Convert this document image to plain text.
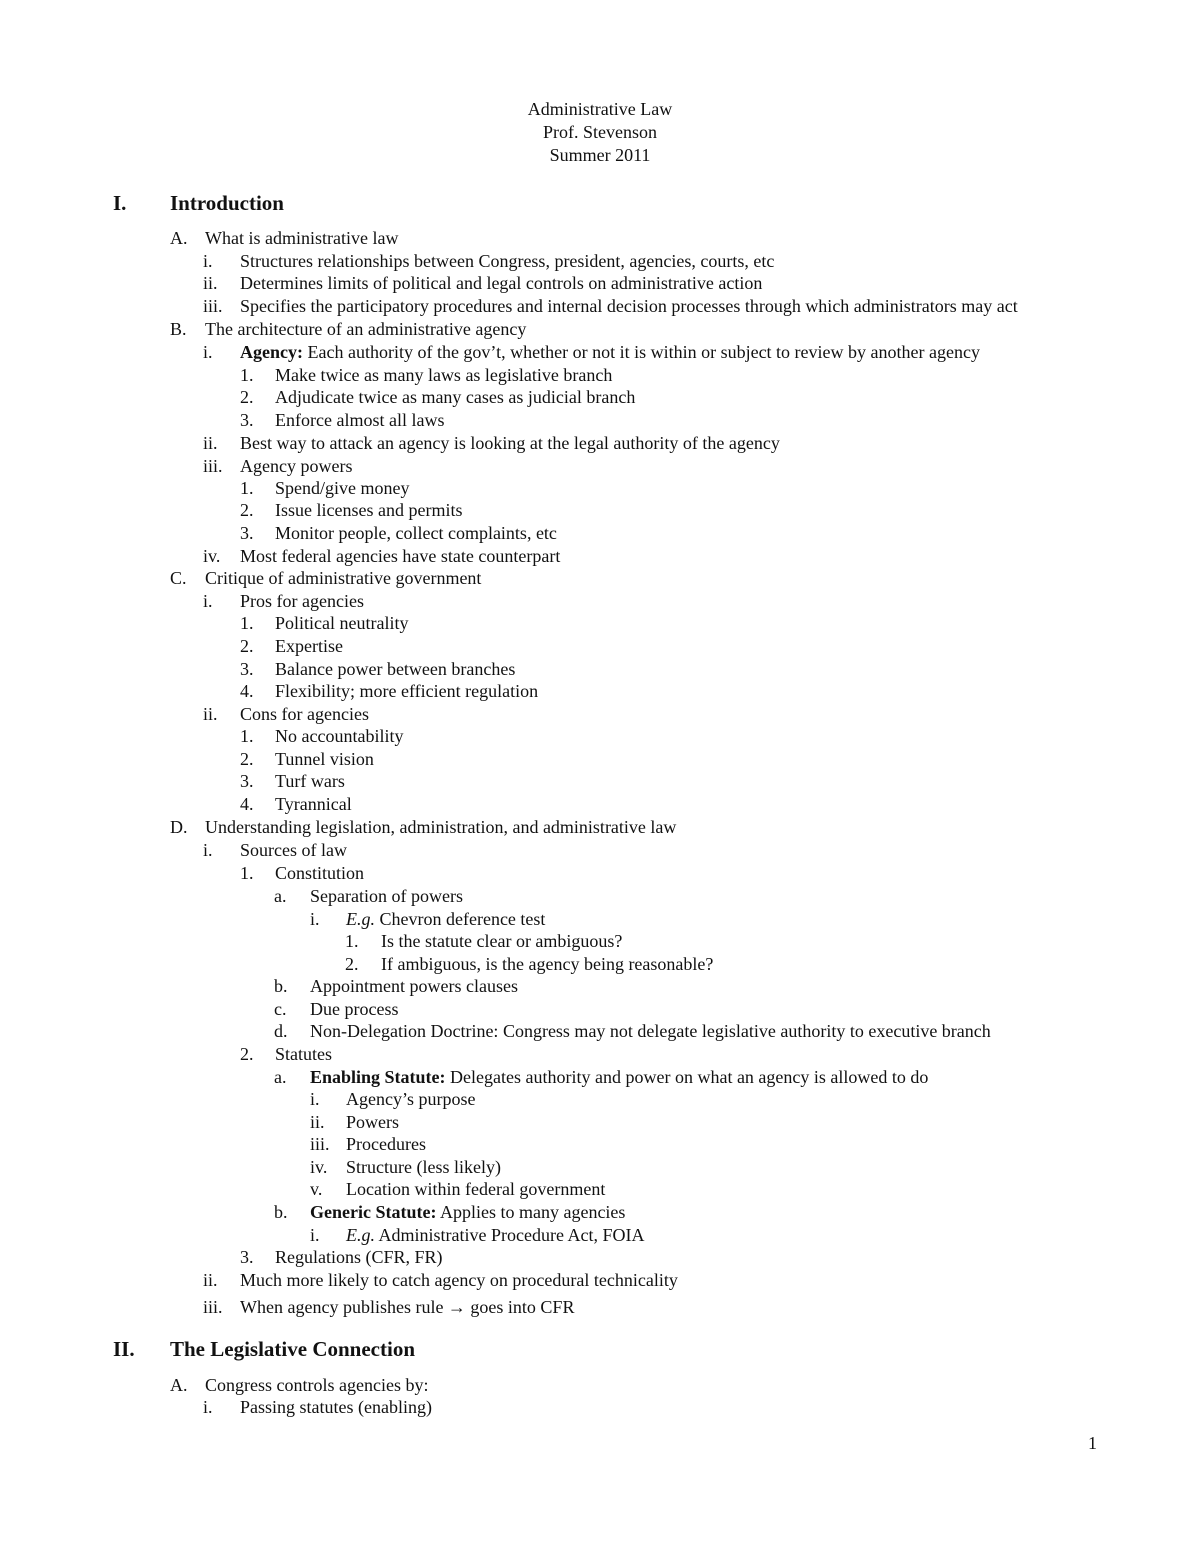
Administrative Law
Prof. Stevenson
Summer 2011
I. Introduction
A. What is administrative law
i. Structures relationships between Congress, president, agencies, courts, etc
ii. Determines limits of political and legal controls on administrative action
iii. Specifies the participatory procedures and internal decision processes through which administrators may act
B. The architecture of an administrative agency
i. Agency: Each authority of the gov’t, whether or not it is within or subject to review by another agency
1. Make twice as many laws as legislative branch
2. Adjudicate twice as many cases as judicial branch
3. Enforce almost all laws
ii. Best way to attack an agency is looking at the legal authority of the agency
iii. Agency powers
1. Spend/give money
2. Issue licenses and permits
3. Monitor people, collect complaints, etc
iv. Most federal agencies have state counterpart
C. Critique of administrative government
i. Pros for agencies
1. Political neutrality
2. Expertise
3. Balance power between branches
4. Flexibility; more efficient regulation
ii. Cons for agencies
1. No accountability
2. Tunnel vision
3. Turf wars
4. Tyrannical
D. Understanding legislation, administration, and administrative law
i. Sources of law
1. Constitution
a. Separation of powers
i. E.g. Chevron deference test
1. Is the statute clear or ambiguous?
2. If ambiguous, is the agency being reasonable?
b. Appointment powers clauses
c. Due process
d. Non-Delegation Doctrine: Congress may not delegate legislative authority to executive branch
2. Statutes
a. Enabling Statute: Delegates authority and power on what an agency is allowed to do
i. Agency’s purpose
ii. Powers
iii. Procedures
iv. Structure (less likely)
v. Location within federal government
b. Generic Statute: Applies to many agencies
i. E.g. Administrative Procedure Act, FOIA
3. Regulations (CFR, FR)
ii. Much more likely to catch agency on procedural technicality
iii. When agency publishes rule → goes into CFR
II. The Legislative Connection
A. Congress controls agencies by:
i. Passing statutes (enabling)
1
